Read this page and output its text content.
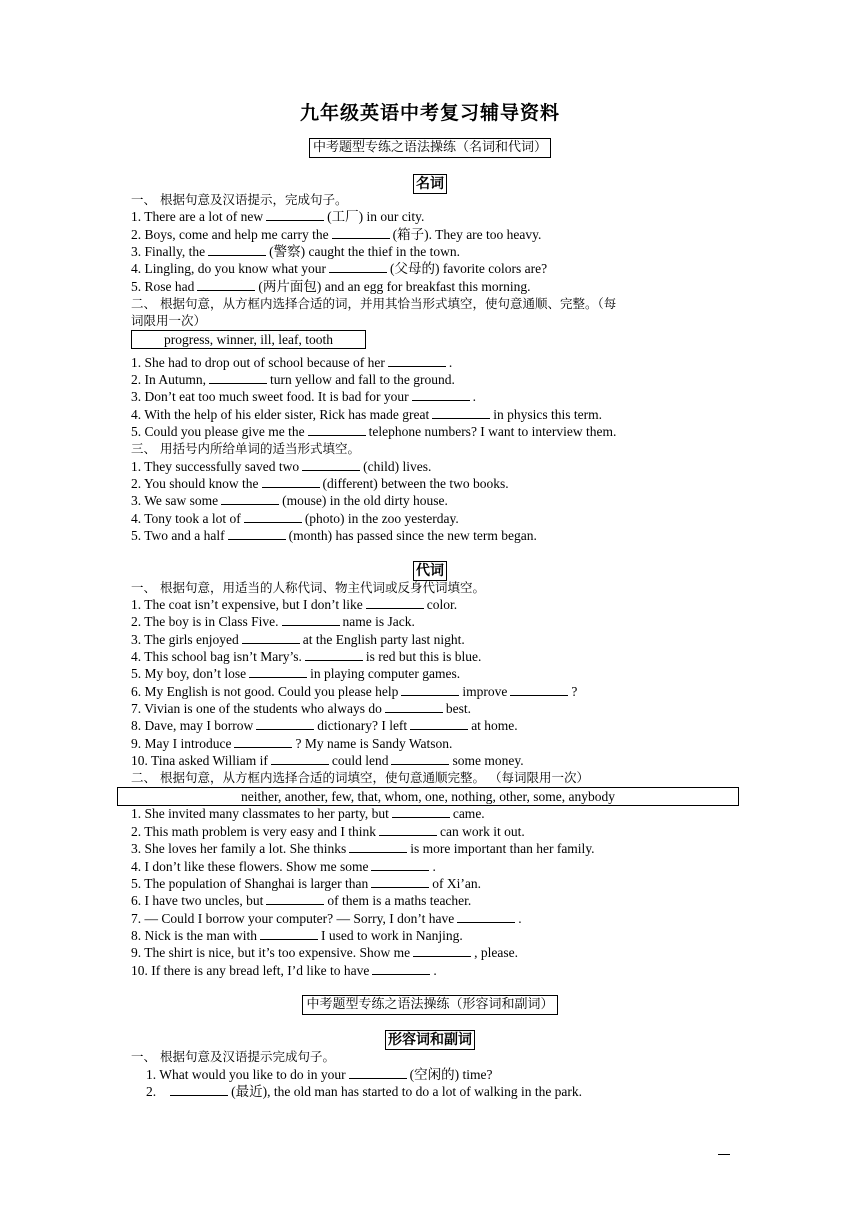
九年级英语中考复习辅导资料
中考题型专练之语法操练（名词和代词）
名词
一、 根据句意及汉语提示，完成句子。
1. There are a lot of new	(工厂) in our city.
2. Boys, come and help me carry the	(箱子). They are too heavy.
3. Finally, the	(警察) caught the thief in the town.
4. Lingling, do you know what your	(父母的) favorite colors are?
5. Rose had	(两片面包) and an egg for breakfast this morning.
二、 根据句意，从方框内选择合适的词，并用其恰当形式填空，使句意通顺、完整。（每
词限用一次）
progress, winner, ill, leaf, tooth
1. She had to drop out of school because of her	.
2. In Autumn,	turn yellow and fall to the ground.
3. Don’t eat too much sweet food. It is bad for your	.
4. With the help of his elder sister, Rick has made great	in physics this term.
5. Could you please give me the	telephone numbers? I want to interview them.
三、 用括号内所给单词的适当形式填空。
1. They successfully saved two	(child) lives.
2. You should know the	(different) between the two books.
3. We saw some	(mouse) in the old dirty house.
4. Tony took a lot of	(photo) in the zoo yesterday.
5. Two and a half	(month) has passed since the new term began.
代词
一、 根据句意，用适当的人称代词、物主代词或反身代词填空。
1. The coat isn’t expensive, but I don’t like	color.
2. The boy is in Class Five.	name is Jack.
3. The girls enjoyed	at the English party last night.
4. This school bag isn’t Mary’s.	is red but this is blue.
5. My boy, don’t lose	in playing computer games.
6. My English is not good. Could you please help	improve	?
7. Vivian is one of the students who always do	best.
8. Dave, may I borrow	dictionary? I left	at home.
9. May I introduce	? My name is Sandy Watson.
10. Tina asked William if	could lend	some money.
二、 根据句意，从方框内选择合适的词填空，使句意通顺完整。 （每词限用一次）
neither, another, few, that, whom, one, nothing, other, some, anybody
1. She invited many classmates to her party, but	came.
2. This math problem is very easy and I think	can work it out.
3. She loves her family a lot. She thinks	is more important than her family.
4. I don’t like these flowers. Show me some	.
5. The population of Shanghai is larger than	of Xi’an.
6. I have two uncles, but	of them is a maths teacher.
7. — Could I borrow your computer? — Sorry, I don’t have	.
8. Nick is the man with	I used to work in Nanjing.
9. The shirt is nice, but it’s too expensive. Show me	, please.
10. If there is any bread left, I’d like to have	.
中考题型专练之语法操练（形容词和副词）
形容词和副词
一、 根据句意及汉语提示完成句子。
1. What would you like to do in your	(空闲的) time?
2.	(最近), the old man has started to do a lot of walking in the park.
